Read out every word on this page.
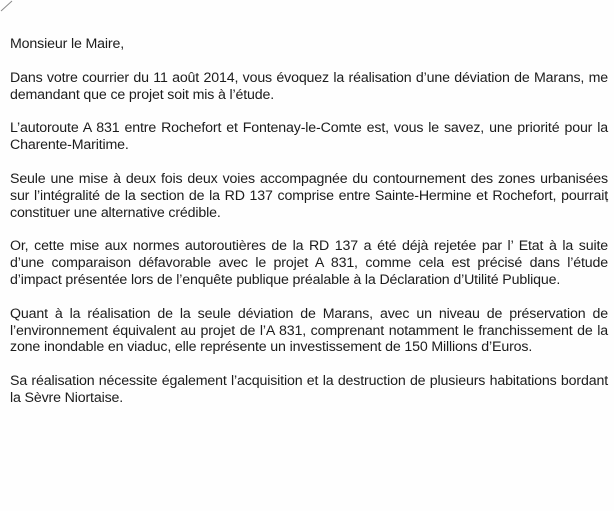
Monsieur le Maire,

Dans votre courrier du 11 août 2014, vous évoquez la réalisation d’une déviation de Marans, me demandant que ce projet soit mis à l’étude.

L’autoroute A 831 entre Rochefort et Fontenay-le-Comte est, vous le savez, une priorité pour la Charente-Maritime.

Seule une mise à deux fois deux voies accompagnée du contournement des zones urbanisées sur l’intégralité de la section de la RD 137 comprise entre Sainte-Hermine et Rochefort, pourrait constituer une alternative crédible.

Or, cette mise aux normes autoroutières de la RD 137 a été déjà rejetée par l’ Etat à la suite d’une comparaison défavorable avec le projet A 831, comme cela est précisé dans l’étude d’impact présentée lors de l’enquête publique préalable à la Déclaration d’Utilité Publique.

Quant à la réalisation de la seule déviation de Marans, avec un niveau de préservation de l’environnement équivalent au projet de l’A 831, comprenant notamment le franchissement de la zone inondable en viaduc, elle représente un investissement de 150 Millions d’Euros.

Sa réalisation nécessite également l’acquisition et la destruction de plusieurs habitations bordant la Sèvre Niortaise.
